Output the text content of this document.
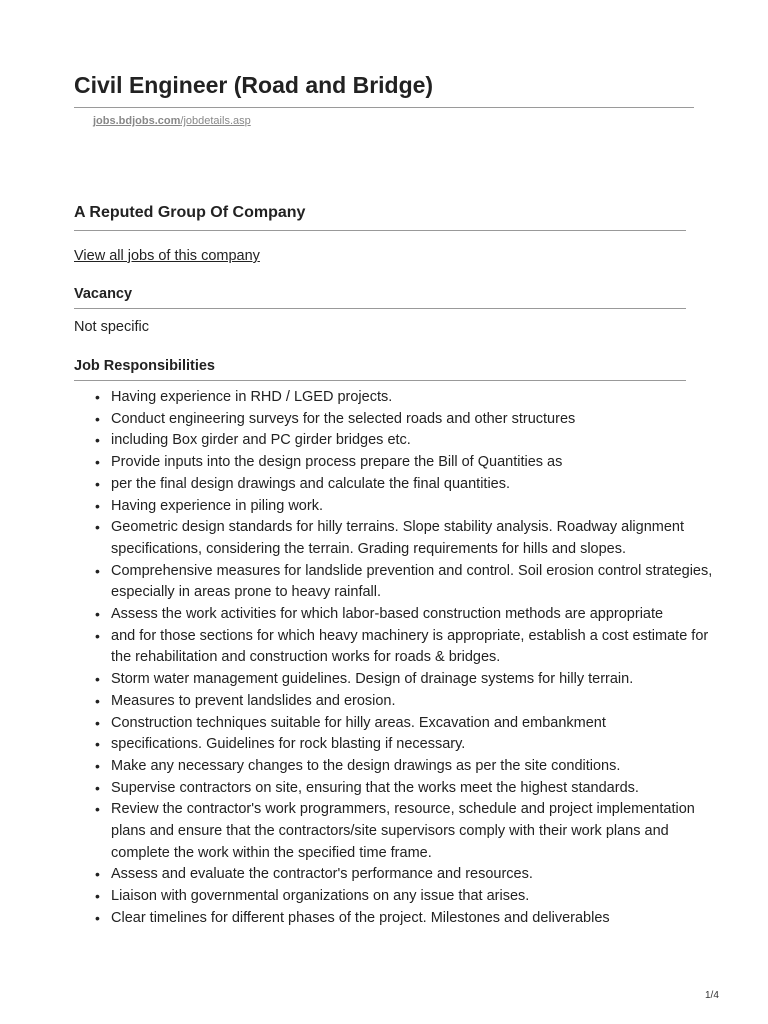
Civil Engineer (Road and Bridge)
jobs.bdjobs.com/jobdetails.asp
A Reputed Group Of Company
View all jobs of this company
Vacancy
Not specific
Job Responsibilities
• Having experience in RHD / LGED projects.
• Conduct engineering surveys for the selected roads and other structures
• including Box girder and PC girder bridges etc.
• Provide inputs into the design process prepare the Bill of Quantities as
• per the final design drawings and calculate the final quantities.
• Having experience in piling work.
• Geometric design standards for hilly terrains. Slope stability analysis. Roadway alignment specifications, considering the terrain. Grading requirements for hills and slopes.
• Comprehensive measures for landslide prevention and control. Soil erosion control strategies, especially in areas prone to heavy rainfall.
• Assess the work activities for which labor-based construction methods are appropriate
• and for those sections for which heavy machinery is appropriate, establish a cost estimate for the rehabilitation and construction works for roads & bridges.
• Storm water management guidelines. Design of drainage systems for hilly terrain.
• Measures to prevent landslides and erosion.
• Construction techniques suitable for hilly areas. Excavation and embankment
• specifications. Guidelines for rock blasting if necessary.
• Make any necessary changes to the design drawings as per the site conditions.
• Supervise contractors on site, ensuring that the works meet the highest standards.
• Review the contractor's work programmers, resource, schedule and project implementation plans and ensure that the contractors/site supervisors comply with their work plans and complete the work within the specified time frame.
• Assess and evaluate the contractor's performance and resources.
• Liaison with governmental organizations on any issue that arises.
• Clear timelines for different phases of the project. Milestones and deliverables
1/4
